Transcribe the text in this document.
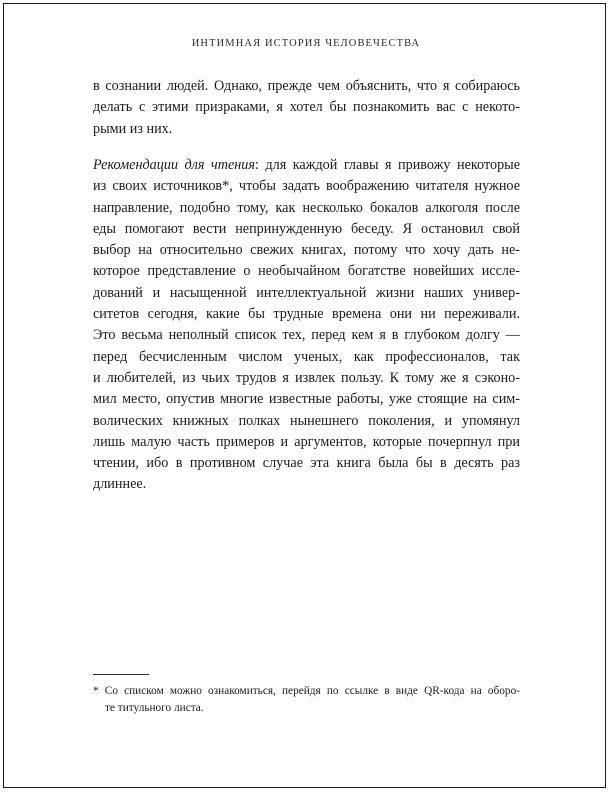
ИНТИМНАЯ ИСТОРИЯ ЧЕЛОВЕЧЕСТВА
в сознании людей. Однако, прежде чем объяснить, что я собираюсь
делать с этими призраками, я хотел бы познакомить вас с некото-
рыми из них.
Рекомендации для чтения: для каждой главы я привожу некоторые
из своих источников*, чтобы задать воображению читателя нужное
направление, подобно тому, как несколько бокалов алкоголя после
еды помогают вести непринужденную беседу. Я остановил свой
выбор на относительно свежих книгах, потому что хочу дать не-
которое представление о необычайном богатстве новейших иссле-
дований и насыщенной интеллектуальной жизни наших универ-
ситетов сегодня, какие бы трудные времена они ни переживали.
Это весьма неполный список тех, перед кем я в глубоком долгу —
перед бесчисленным числом ученых, как профессионалов, так
и любителей, из чьих трудов я извлек пользу. К тому же я сэконо-
мил место, опустив многие известные работы, уже стоящие на сим-
волических книжных полках нынешнего поколения, и упомянул
лишь малую часть примеров и аргументов, которые почерпнул при
чтении, ибо в противном случае эта книга была бы в десять раз
длиннее.
* Со списком можно ознакомиться, перейдя по ссылке в виде QR-кода на оборо-
те титульного листа.
